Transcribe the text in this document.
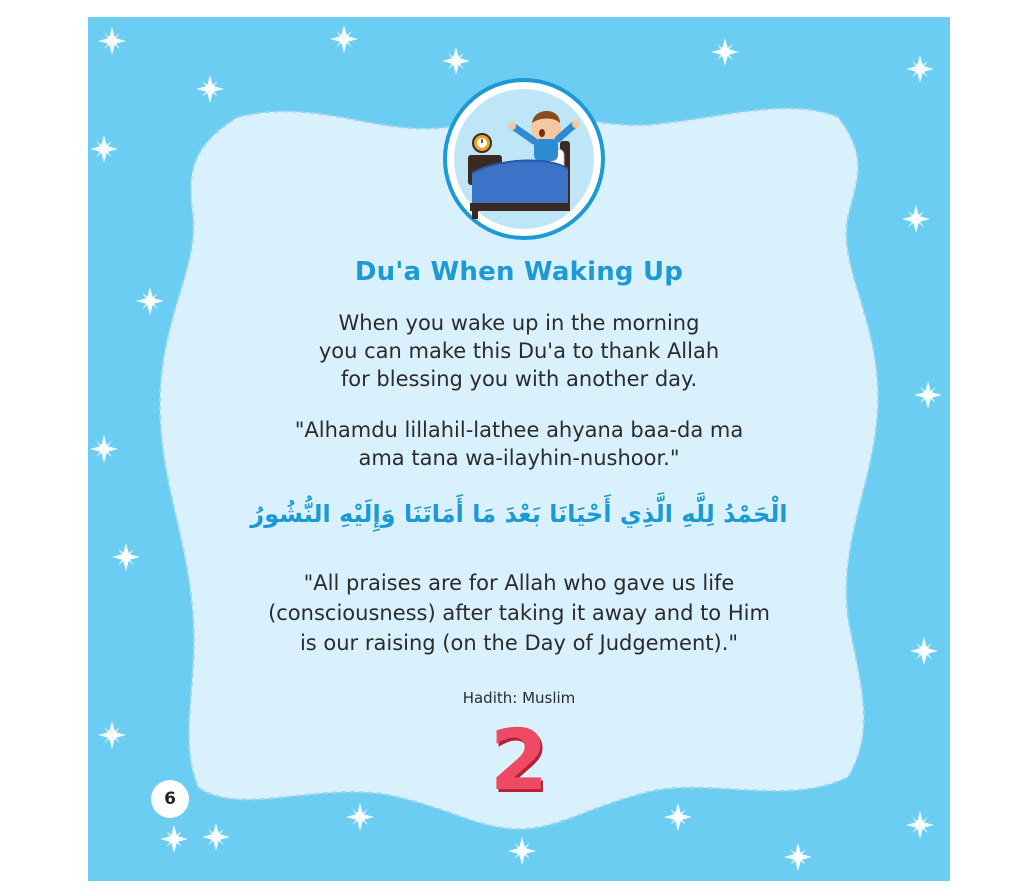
Du'a When Waking Up

When you wake up in the morning
you can make this Du'a to thank Allah
for blessing you with another day.

"Alhamdu lillahil-lathee ahyana baa-da ma
ama tana wa-ilayhin-nushoor."

الْحَمْدُ لِلَّهِ الَّذِي أَحْيَانَا بَعْدَ مَا أَمَاتَنَا وَإِلَيْهِ النُّشُورُ

"All praises are for Allah who gave us life
(consciousness) after taking it away and to Him
is our raising (on the Day of Judgement)."

Hadith: Muslim
2
6
